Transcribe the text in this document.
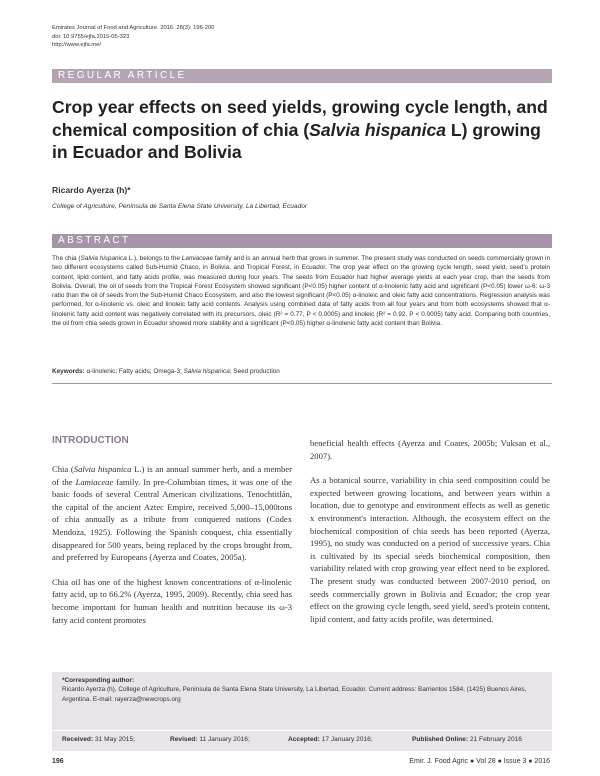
Emirates Journal of Food and Agriculture. 2016. 28(3): 196-200
doi: 10.9755/ejfa.2015-05-323
http://www.ejfa.me/
REGULAR ARTICLE
Crop year effects on seed yields, growing cycle length, and chemical composition of chia (Salvia hispanica L) growing in Ecuador and Bolivia
Ricardo Ayerza (h)*
College of Agriculture, Península de Santa Elena State University, La Libertad, Ecuador
ABSTRACT

The chia (Salvia hispanica L.), belongs to the Lamiaceae family and is an annual herb that grows in summer. The present study was conducted on seeds commercially grown in two different ecosystems called Sub-Humid Chaco, in Bolivia, and Tropical Forest, in Ecuador. The crop year effect on the growing cycle length, seed yield, seed's protein content, lipid content, and fatty acids profile, was measured during four years. The seeds from Ecuador had higher average yields at each year crop, than the seeds from Bolivia. Overall, the oil of seeds from the Tropical Forest Ecosystem showed significant (P<0.05) higher content of α-linolenic fatty acid and significant (P<0.05) lower ω-6: ω-3 ratio than the oil of seeds from the Sub-Humid Chaco Ecosystem, and also the lowest significant (P<0.05) α-linoleic and oleic fatty acid concentrations. Regression analysis was performed, for α-linolenic vs. oleic and linoleic fatty acid contents. Analysis using combined data of fatty acids from all four years and from both ecosystems showed that α-linolenic fatty acid content was negatively correlated with its precursors, oleic (R² = 0.77, P < 0.0005) and linoleic (R² = 0.92, P < 0.0005) fatty acid. Comparing both countries, the oil from chia seeds grown in Ecuador showed more stability and a significant (P<0.05) higher α-linolenic fatty acid content than Bolivia.

Keywords: α-linolenic; Fatty acids; Omega-3; Salvia hispanica; Seed production
INTRODUCTION

Chia (Salvia hispanica L.) is an annual summer herb, and a member of the Lamiaceae family. In pre-Columbian times, it was one of the basic foods of several Central American civilizations. Tenochtitlán, the capital of the ancient Aztec Empire, received 5,000–15,000tons of chia annually as a tribute from conquered nations (Codex Mendoza, 1925). Following the Spanish conquest, chia essentially disappeared for 500 years, being replaced by the crops brought from, and preferred by Europeans (Ayerza and Coates, 2005a).

Chia oil has one of the highest known concentrations of α-linolenic fatty acid, up to 66.2% (Ayerza, 1995, 2009). Recently, chia seed has become important for human health and nutrition because its ω-3 fatty acid content promotes

beneficial health effects (Ayerza and Coates, 2005b; Vuksan et al., 2007).

As a botanical source, variability in chia seed composition could be expected between growing locations, and between years within a location, due to genotype and environment effects as well as genetic x environment's interaction. Although, the ecosystem effect on the biochemical composition of chia seeds has been reported (Ayerza, 1995), no study was conducted on a period of successive years. Chia is cultivated by its special seeds biochemical composition, then variability related with crop growing year effect need to be explored. The present study was conducted between 2007-2010 period, on seeds commercially grown in Bolivia and Ecuador; the crop year effect on the growing cycle length, seed yield, seed's protein content, lipid content, and fatty acids profile, was determined.

*Corresponding author:
Ricardo Ayerza (h), College of Agriculture, Península de Santa Elena State University, La Libertad, Ecuador. Current address: Barrientos 1584, (1425) Buenos Aires, Argentina. E-mail: rayerza@newcrops.org
Received: 31 May 2015;	Revised: 11 January 2016;	Accepted: 17 January 2016;	Published Online: 21 February 2016
196	Emir. J. Food Agric ● Vol 28 ● Issue 3 ● 2016
